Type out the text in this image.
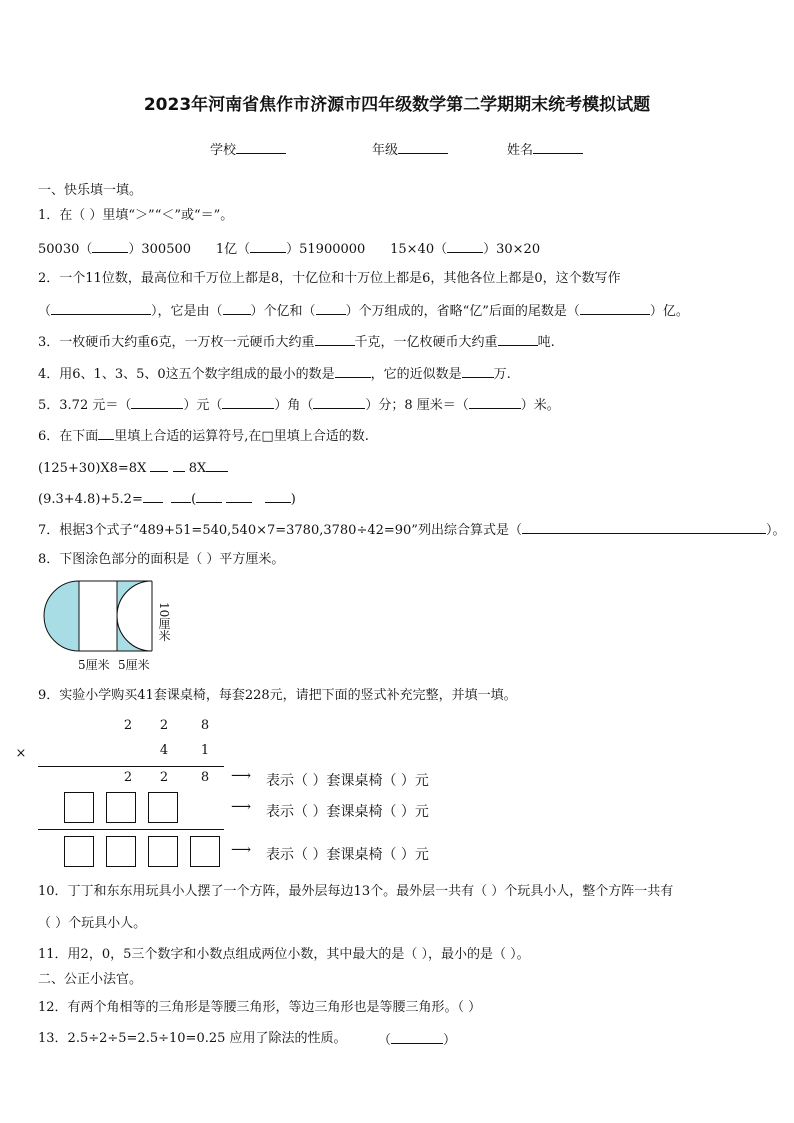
2023年河南省焦作市济源市四年级数学第二学期期末统考模拟试题
学校	年级	姓名
一、快乐填一填。
1．在（ ）里填“＞”“＜”或“＝”。
50030（	）300500 1亿（	）51900000 15×40（	）30×20
2．一个11位数，最高位和千万位上都是8，十亿位和十万位上都是6，其他各位上都是0，这个数写作
（	），它是由（ ）个亿和（ ）个万组成的，省略“亿”后面的尾数是（	）亿。
3．一枚硬币大约重6克，一万枚一元硬币大约重	千克，一亿枚硬币大约重	吨.
4．用6、1、3、5、0这五个数字组成的最小的数是	，它的近似数是 万.
5．3.72 元＝（	）元（	）角（	）分；8 厘米＝（	）米。
6．在下面 里填上合适的运算符号,在□里填上合适的数.
(125+30)X8=8X	8X
(9.3+4.8)+5.2=	(	)
7．根据3个式子“489+51=540,540×7=3780,3780÷42=90”列出综合算式是（	）。
8．下图涂色部分的面积是（ ）平方厘米。
10厘米
5厘米 5厘米
9．实验小学购买41套课桌椅，每套228元，请把下面的竖式补充完整，并填一填。
2 2	8
×	4	1
2 2	8 ⟶ 表示（ ）套课桌椅（ ）元
⟶ 表示（ ）套课桌椅（ ）元
⟶ 表示（ ）套课桌椅（ ）元
10．丁丁和东东用玩具小人摆了一个方阵，最外层每边13个。最外层一共有（ ）个玩具小人，整个方阵一共有
（ ）个玩具小人。
11．用2，0，5三个数字和小数点组成两位小数，其中最大的是（ ），最小的是（ ）。
二、公正小法官。
12．有两个角相等的三角形是等腰三角形，等边三角形也是等腰三角形。（ ）
13．2.5÷2÷5=2.5÷10=0.25 应用了除法的性质。 （	）
